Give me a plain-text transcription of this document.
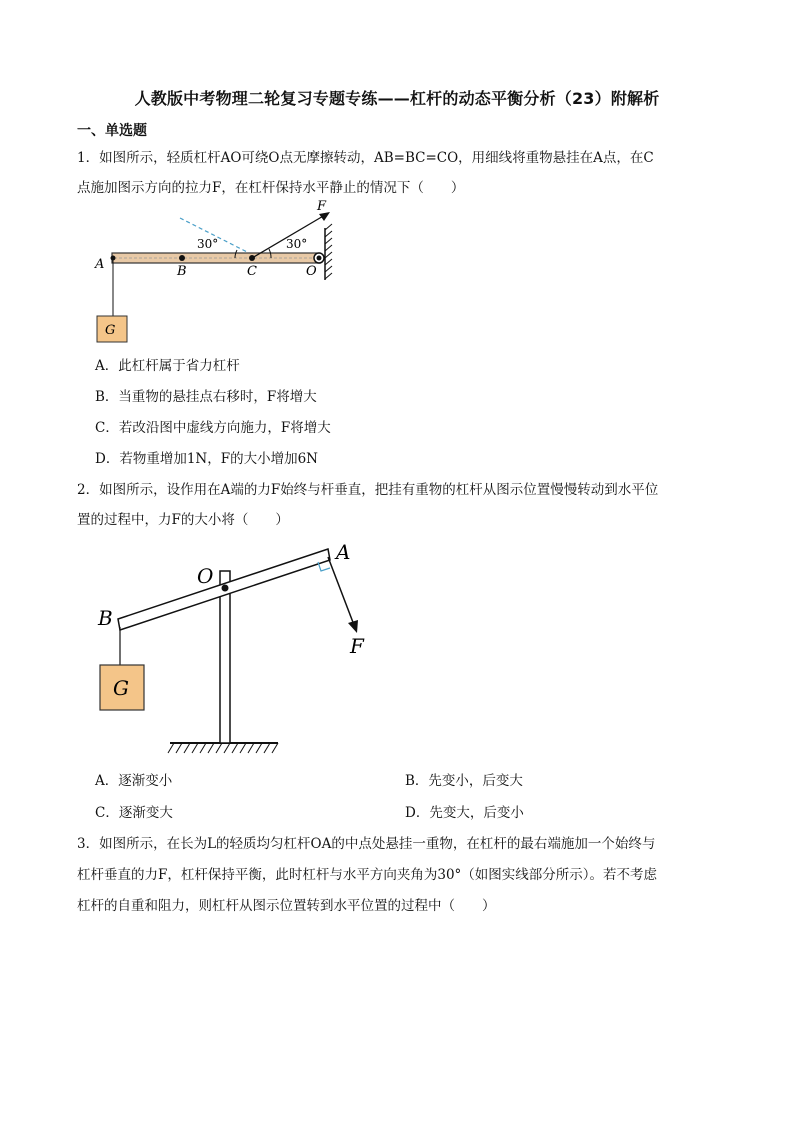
人教版中考物理二轮复习专题专练——杠杆的动态平衡分析（23）附解析
一、单选题
1．如图所示，轻质杠杆AO可绕O点无摩擦转动，AB=BC=CO，用细线将重物悬挂在A点，在C
点施加图示方向的拉力F，在杠杆保持水平静止的情况下（　　）
A	B	C	O
F
G
30°	30°
A．此杠杆属于省力杠杆
B．当重物的悬挂点右移时，F将增大
C．若改沿图中虚线方向施力，F将增大
D．若物重增加1N，F的大小增加6N
2．如图所示，设作用在A端的力F始终与杆垂直，把挂有重物的杠杆从图示位置慢慢转动到水平位
置的过程中，力F的大小将（　　）
O
A
B
F
G
A．逐渐变小	B．先变小，后变大
C．逐渐变大	D．先变大，后变小
3．如图所示，在长为L的轻质均匀杠杆OA的中点处悬挂一重物，在杠杆的最右端施加一个始终与
杠杆垂直的力F，杠杆保持平衡，此时杠杆与水平方向夹角为30°（如图实线部分所示）。若不考虑
杠杆的自重和阻力，则杠杆从图示位置转到水平位置的过程中（　　）
